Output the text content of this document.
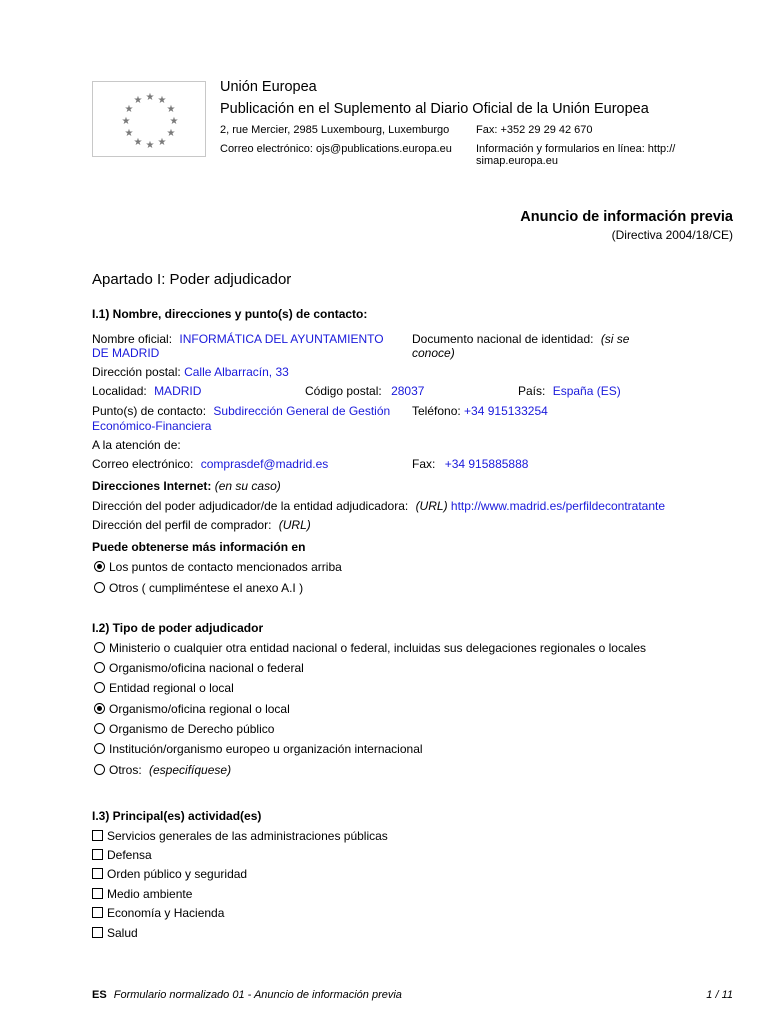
★ ★
★
★
★
★
★
★
★
★
★
★
Unión Europea
Publicación en el Suplemento al Diario Oficial de la Unión Europea
2, rue Mercier, 2985 Luxembourg, Luxemburgo Fax: +352 29 29 42 670
Correo electrónico: ojs@publications.europa.eu Información y formularios en línea: http://
simap.europa.eu
Anuncio de información previa
(Directiva 2004/18/CE)
Apartado I: Poder adjudicador
I.1) Nombre, direcciones y punto(s) de contacto:
Nombre oficial: INFORMÁTICA DEL AYUNTAMIENTO
DE MADRID
Documento nacional de identidad: (si se
conoce)
Dirección postal: Calle Albarracín, 33
Localidad: MADRID	Código postal: 28037	País: España (ES)
Punto(s) de contacto: Subdirección General de Gestión
Económico-Financiera
Teléfono: +34 915133254
A la atención de:
Correo electrónico: comprasdef@madrid.es	Fax: +34 915885888
Direcciones Internet: (en su caso)
Dirección del poder adjudicador/de la entidad adjudicadora: (URL) http://www.madrid.es/perfildecontratante
Dirección del perfil de comprador: (URL)
Puede obtenerse más información en
Los puntos de contacto mencionados arriba
Otros ( cumpliméntese el anexo A.I )
I.2) Tipo de poder adjudicador
Ministerio o cualquier otra entidad nacional o federal, incluidas sus delegaciones regionales o locales
Organismo/oficina nacional o federal
Entidad regional o local
Organismo/oficina regional o local
Organismo de Derecho público
Institución/organismo europeo u organización internacional
Otros: (especifíquese)
I.3) Principal(es) actividad(es)
Servicios generales de las administraciones públicas
Defensa
Orden público y seguridad
Medio ambiente
Economía y Hacienda
Salud
ES Formulario normalizado 01 - Anuncio de información previa	1 / 11
